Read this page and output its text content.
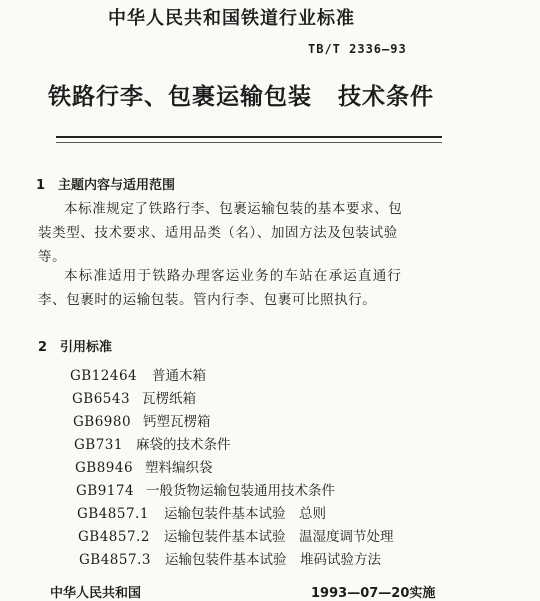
中华人民共和国铁道行业标准
TB/T 2336—93
铁路行李、包裹运输包装 技术条件
1 主题内容与适用范围
本标准规定了铁路行李、包裹运输包装的基本要求、包
装类型、技术要求、适用品类（名）、加固方法及包装试验
等。
本标准适用于铁路办理客运业务的车站在承运直通行
李、包裹时的运输包装。管内行李、包裹可比照执行。
2 引用标准
GB12464 普通木箱
GB6543 瓦楞纸箱
GB6980 钙塑瓦楞箱
GB731 麻袋的技术条件
GB8946 塑料编织袋
GB9174 一般货物运输包装通用技术条件
GB4857.1 运输包装件基本试验　总则
GB4857.2 运输包装件基本试验　温湿度调节处理
GB4857.3 运输包装件基本试验　堆码试验方法
中华人民共和国	1993—07—20实施
